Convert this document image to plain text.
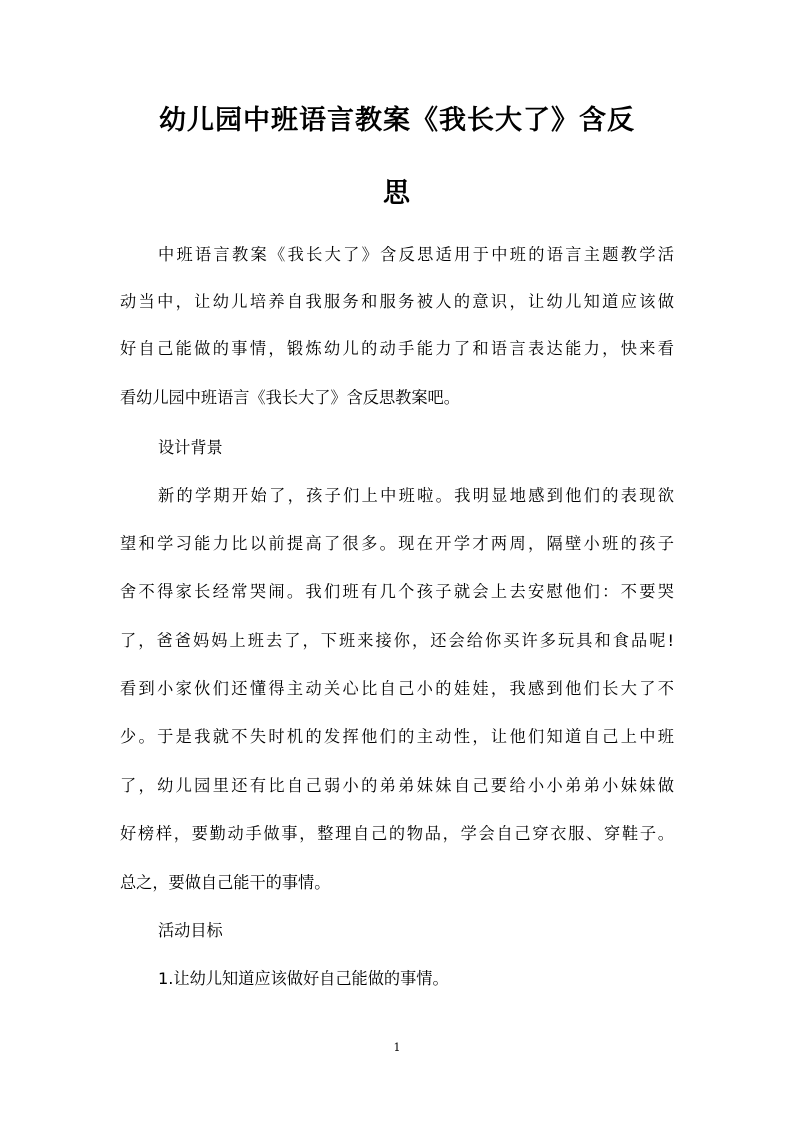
幼儿园中班语言教案《我长大了》含反
思
中班语言教案《我长大了》含反思适用于中班的语言主题教学活
动当中，让幼儿培养自我服务和服务被人的意识，让幼儿知道应该做
好自己能做的事情，锻炼幼儿的动手能力了和语言表达能力，快来看
看幼儿园中班语言《我长大了》含反思教案吧。
设计背景
新的学期开始了，孩子们上中班啦。我明显地感到他们的表现欲
望和学习能力比以前提高了很多。现在开学才两周，隔壁小班的孩子
舍不得家长经常哭闹。我们班有几个孩子就会上去安慰他们：不要哭
了，爸爸妈妈上班去了，下班来接你，还会给你买许多玩具和食品呢!
看到小家伙们还懂得主动关心比自己小的娃娃，我感到他们长大了不
少。于是我就不失时机的发挥他们的主动性，让他们知道自己上中班
了，幼儿园里还有比自己弱小的弟弟妹妹自己要给小小弟弟小妹妹做
好榜样，要勤动手做事，整理自己的物品，学会自己穿衣服、穿鞋子。
总之，要做自己能干的事情。
活动目标
1.让幼儿知道应该做好自己能做的事情。
1
